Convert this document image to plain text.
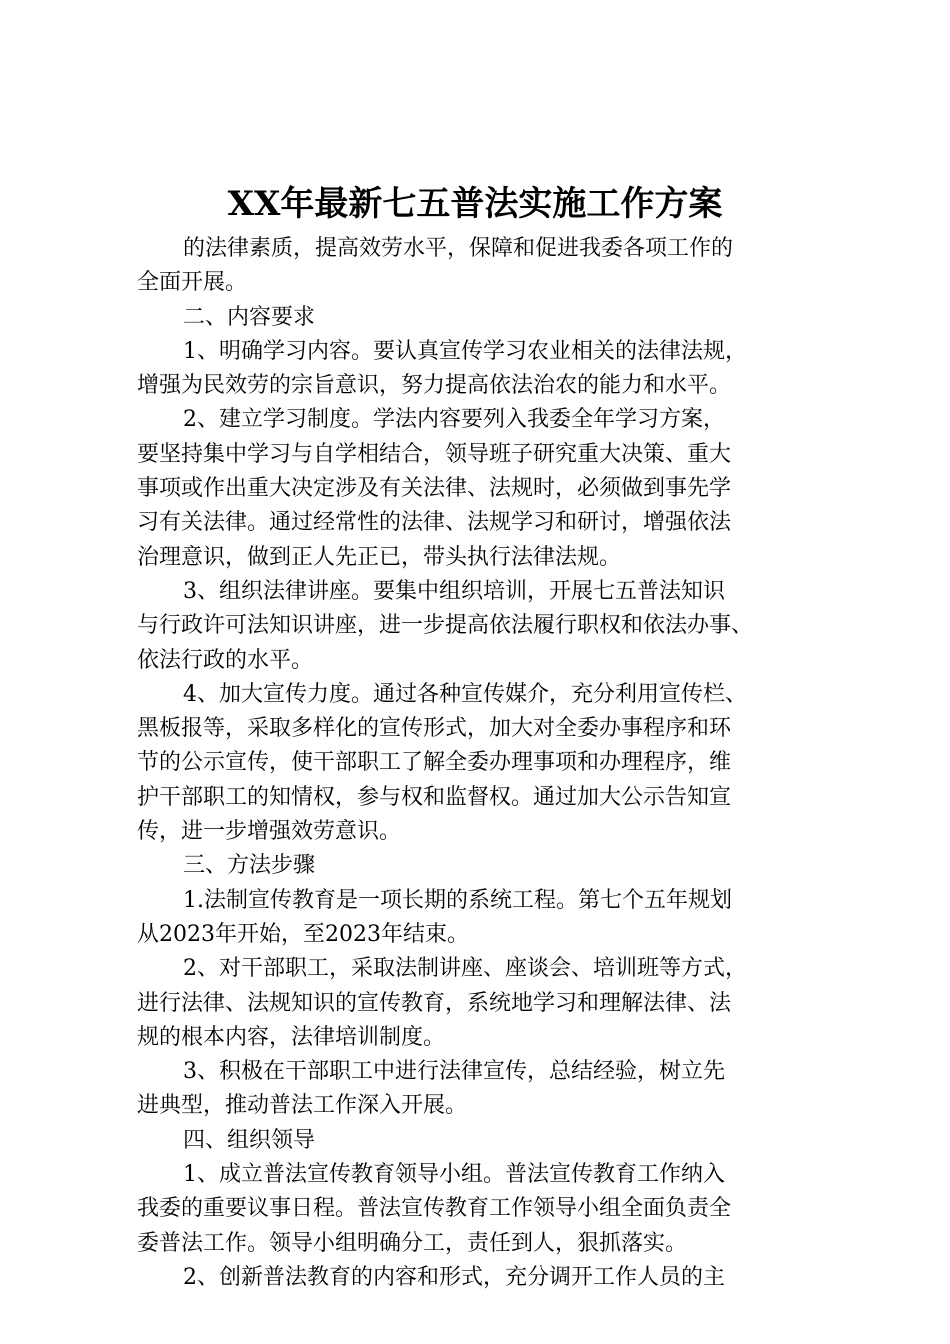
XX年最新七五普法实施工作方案
的法律素质，提高效劳水平，保障和促进我委各项工作的
全面开展。
二、内容要求
1、明确学习内容。要认真宣传学习农业相关的法律法规，
增强为民效劳的宗旨意识，努力提高依法治农的能力和水平。
2、建立学习制度。学法内容要列入我委全年学习方案，
要坚持集中学习与自学相结合，领导班子研究重大决策、重大
事项或作出重大决定涉及有关法律、法规时，必须做到事先学
习有关法律。通过经常性的法律、法规学习和研讨，增强依法
治理意识，做到正人先正已，带头执行法律法规。
3、组织法律讲座。要集中组织培训，开展七五普法知识
与行政许可法知识讲座，进一步提高依法履行职权和依法办事、
依法行政的水平。
4、加大宣传力度。通过各种宣传媒介，充分利用宣传栏、
黑板报等，采取多样化的宣传形式，加大对全委办事程序和环
节的公示宣传，使干部职工了解全委办理事项和办理程序，维
护干部职工的知情权，参与权和监督权。通过加大公示告知宣
传，进一步增强效劳意识。
三、方法步骤
1.法制宣传教育是一项长期的系统工程。第七个五年规划
从2023年开始，至2023年结束。
2、对干部职工，采取法制讲座、座谈会、培训班等方式，
进行法律、法规知识的宣传教育，系统地学习和理解法律、法
规的根本内容，法律培训制度。
3、积极在干部职工中进行法律宣传，总结经验，树立先
进典型，推动普法工作深入开展。
四、组织领导
1、成立普法宣传教育领导小组。普法宣传教育工作纳入
我委的重要议事日程。普法宣传教育工作领导小组全面负责全
委普法工作。领导小组明确分工，责任到人，狠抓落实。
2、创新普法教育的内容和形式，充分调开工作人员的主
